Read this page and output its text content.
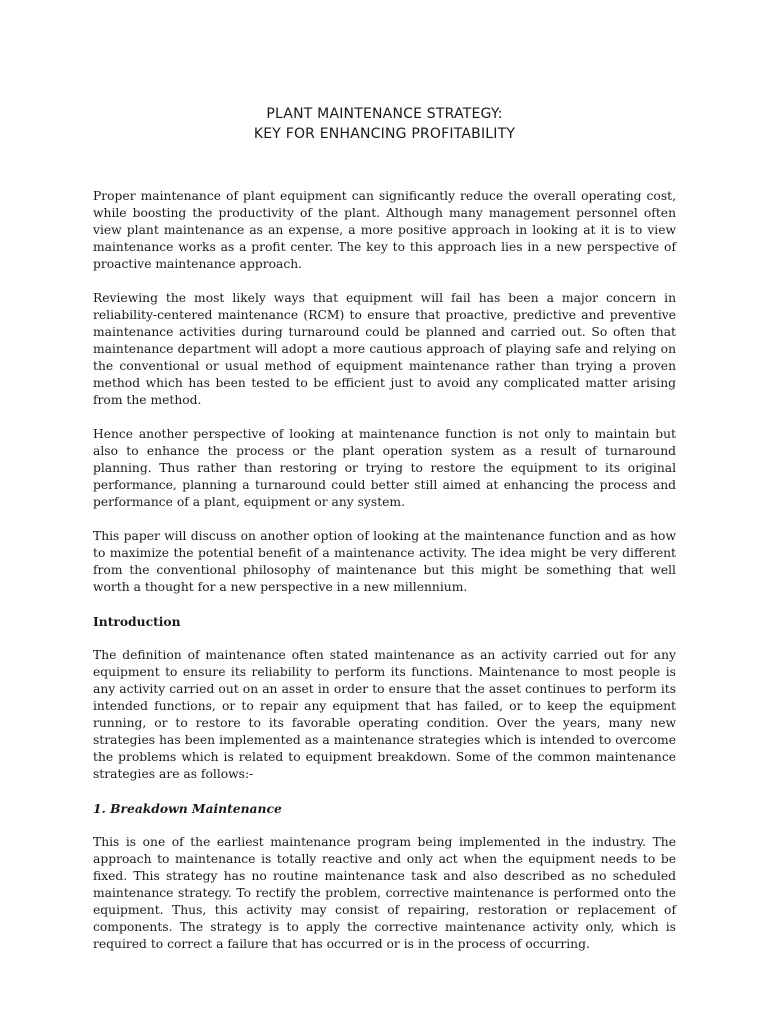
PLANT MAINTENANCE STRATEGY:
KEY FOR ENHANCING PROFITABILITY

Proper maintenance of plant equipment can significantly reduce the overall operating cost, while boosting the productivity of the plant. Although many management personnel often view plant maintenance as an expense, a more positive approach in looking at it is to view maintenance works as a profit center. The key to this approach lies in a new perspective of proactive maintenance approach.

Reviewing the most likely ways that equipment will fail has been a major concern in reliability-centered maintenance (RCM) to ensure that proactive, predictive and preventive maintenance activities during turnaround could be planned and carried out. So often that maintenance department will adopt a more cautious approach of playing safe and relying on the conventional or usual method of equipment maintenance rather than trying a proven method which has been tested to be efficient just to avoid any complicated matter arising from the method.

Hence another perspective of looking at maintenance function is not only to maintain but also to enhance the process or the plant operation system as a result of turnaround planning. Thus rather than restoring or trying to restore the equipment to its original performance, planning a turnaround could better still aimed at enhancing the process and performance of a plant, equipment or any system.

This paper will discuss on another option of looking at the maintenance function and as how to maximize the potential benefit of a maintenance activity. The idea might be very different from the conventional philosophy of maintenance but this might be something that well worth a thought for a new perspective in a new millennium.

Introduction

The definition of maintenance often stated maintenance as an activity carried out for any equipment to ensure its reliability to perform its functions. Maintenance to most people is any activity carried out on an asset in order to ensure that the asset continues to perform its intended functions, or to repair any equipment that has failed, or to keep the equipment running, or to restore to its favorable operating condition. Over the years, many new strategies has been implemented as a maintenance strategies which is intended to overcome the problems which is related to equipment breakdown. Some of the common maintenance strategies are as follows:-

1. Breakdown Maintenance

This is one of the earliest maintenance program being implemented in the industry. The approach to maintenance is totally reactive and only act when the equipment needs to be fixed. This strategy has no routine maintenance task and also described as no scheduled maintenance strategy. To rectify the problem, corrective maintenance is performed onto the equipment. Thus, this activity may consist of repairing, restoration or replacement of components. The strategy is to apply the corrective maintenance activity only, which is required to correct a failure that has occurred or is in the process of occurring.
